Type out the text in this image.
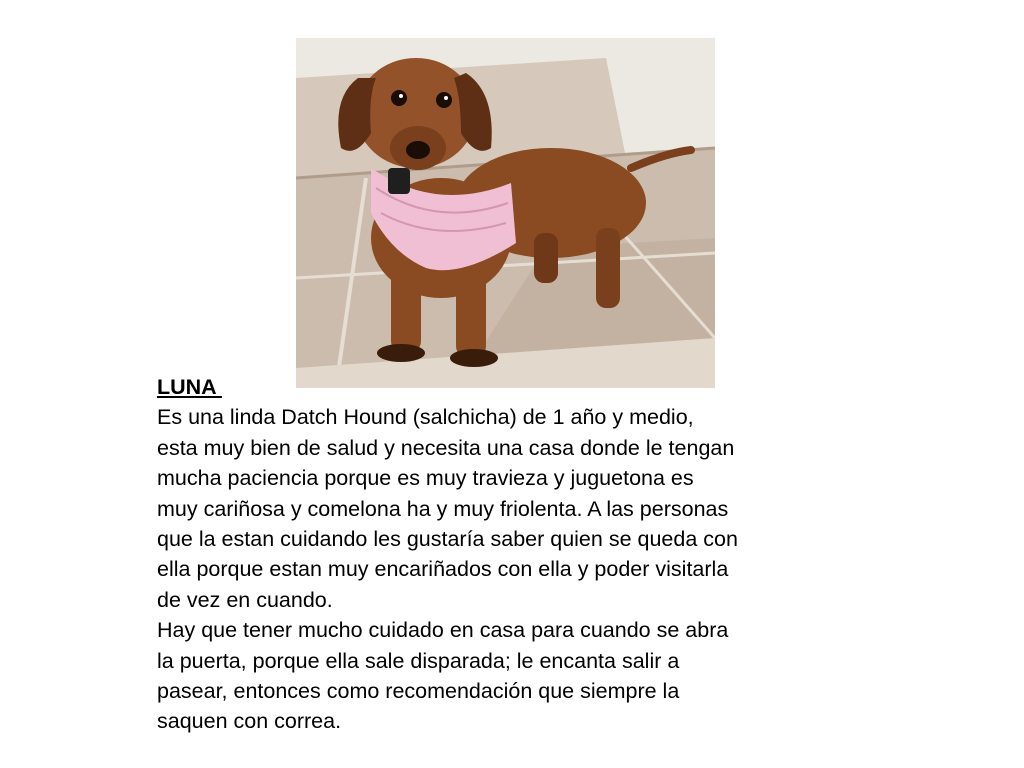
LUNA
Es una linda Datch Hound (salchicha) de 1 año y medio,
esta muy bien de salud y necesita una casa donde le tengan
mucha paciencia porque es muy travieza y juguetona es
muy cariñosa y comelona ha y muy friolenta. A las personas
que la estan cuidando les gustaría saber quien se queda con
ella porque estan muy encariñados con ella y poder visitarla
de vez en cuando.
Hay que tener mucho cuidado en casa para cuando se abra
la puerta, porque ella sale disparada; le encanta salir a
pasear, entonces como recomendación que siempre la
saquen con correa.
